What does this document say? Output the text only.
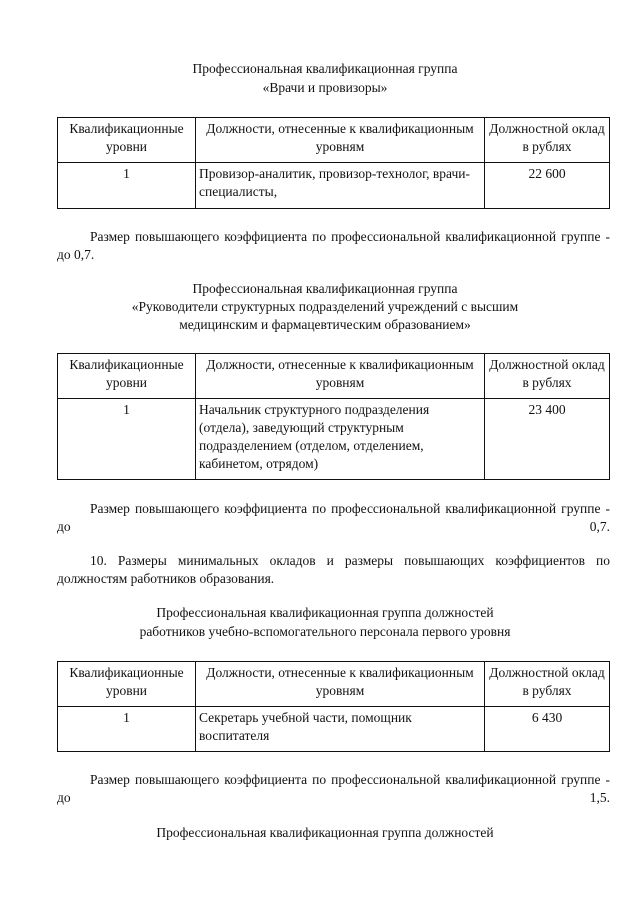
Профессиональная квалификационная группа
«Врачи и провизоры»
Квалификационные уровни	Должности, отнесенные к квалификационным уровням	Должностной оклад в рублях
1	Провизор-аналитик, провизор-технолог, врачи-специалисты,	22 600
Размер повышающего коэффициента по профессиональной квалификационной группе - до 0,7.
Профессиональная квалификационная группа
«Руководители структурных подразделений учреждений с высшим
медицинским и фармацевтическим образованием»
Квалификационные уровни	Должности, отнесенные к квалификационным уровням	Должностной оклад в рублях
1	Начальник структурного подразделения (отдела), заведующий структурным подразделением (отделом, отделением, кабинетом, отрядом)	23 400
Размер повышающего коэффициента по профессиональной квалификационной группе - до 0,7.
10. Размеры минимальных окладов и размеры повышающих коэффициентов по должностям работников образования.
Профессиональная квалификационная группа должностей
работников учебно-вспомогательного персонала первого уровня
Квалификационные уровни	Должности, отнесенные к квалификационным уровням	Должностной оклад в рублях
1	Секретарь учебной части, помощник воспитателя	6 430
Размер повышающего коэффициента по профессиональной квалификационной группе - до 1,5.
Профессиональная квалификационная группа должностей
